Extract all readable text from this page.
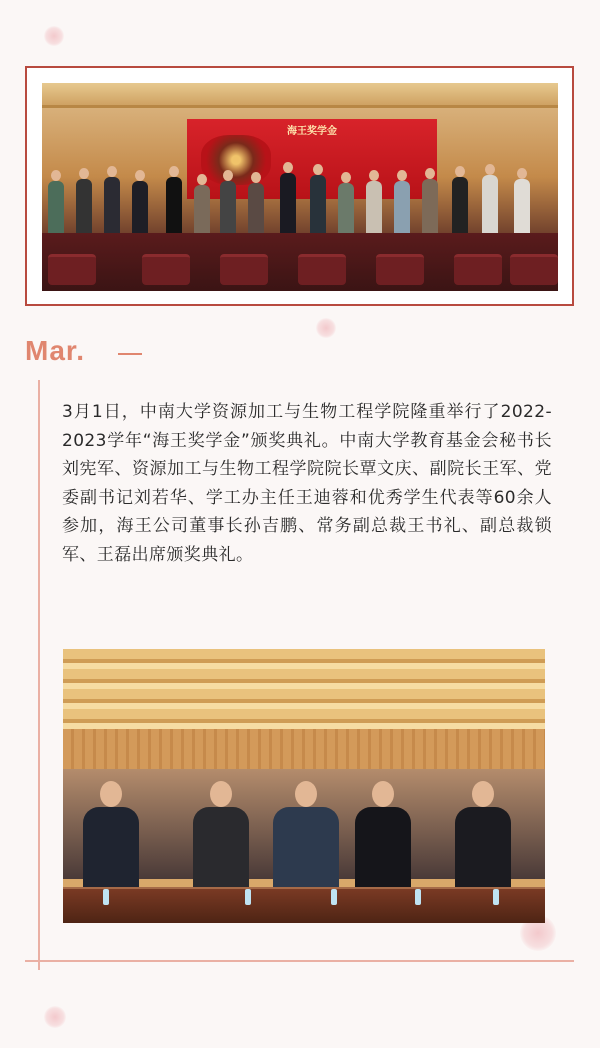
海王奖学金
Mar.
3月1日，中南大学资源加工与生物工程学院隆重举行了2022-2023学年“海王奖学金”颁奖典礼。中南大学教育基金会秘书长刘宪军、资源加工与生物工程学院院长覃文庆、副院长王军、党委副书记刘若华、学工办主任王迪蓉和优秀学生代表等60余人参加，海王公司董事长孙吉鹏、常务副总裁王书礼、副总裁锁军、王磊出席颁奖典礼。
